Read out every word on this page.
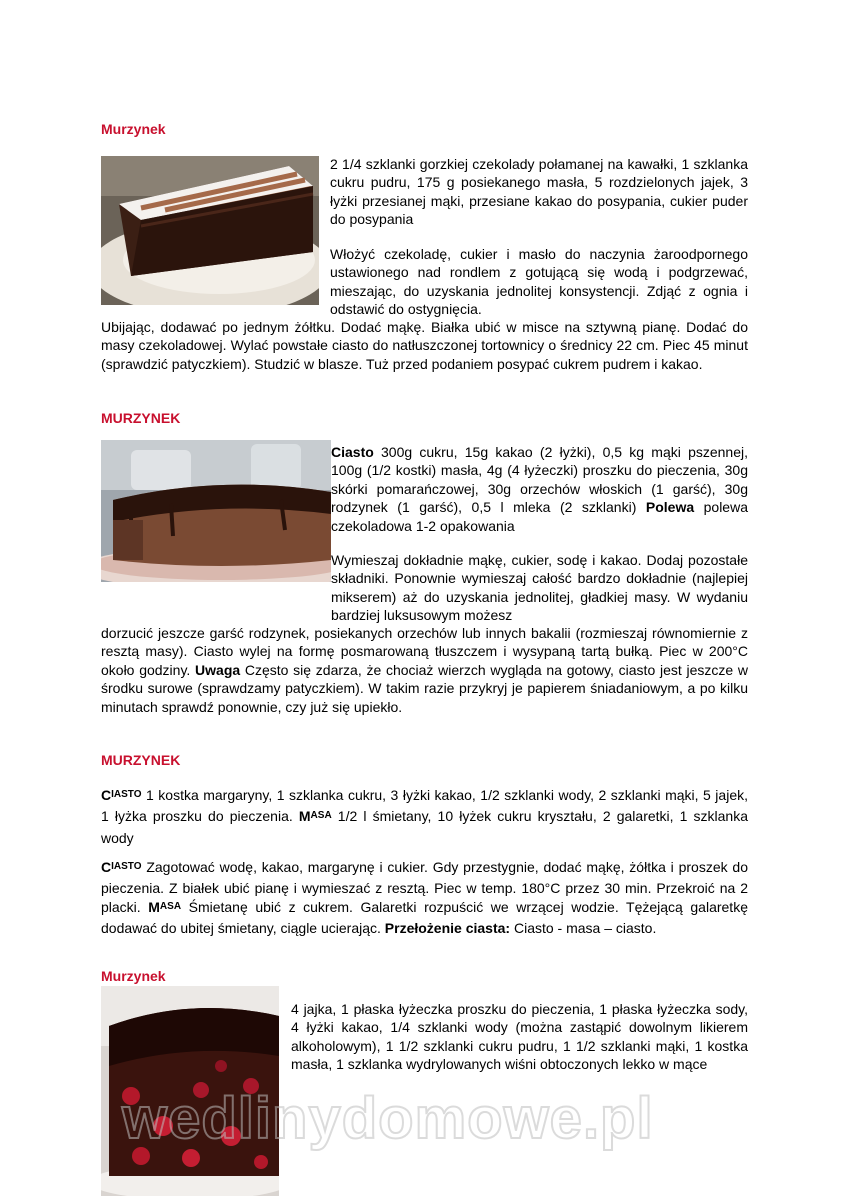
Murzynek

2 1/4 szklanki gorzkiej czekolady połamanej na kawałki, 1 szklanka cukru pudru, 175 g posiekanego masła, 5 rozdzielonych jajek, 3 łyżki przesianej mąki, przesiane kakao do posypania, cukier puder do posypania

Włożyć czekoladę, cukier i masło do naczynia żaroodpornego ustawionego nad rondlem z gotującą się wodą i podgrzewać, mieszając, do uzyskania jednolitej konsystencji. Zdjąć z ognia i odstawić do ostygnięcia.

Ubijając, dodawać po jednym żółtku. Dodać mąkę. Białka ubić w misce na sztywną pianę. Dodać do masy czekoladowej. Wylać powstałe ciasto do natłuszczonej tortownicy o średnicy 22 cm. Piec 45 minut (sprawdzić patyczkiem). Studzić w blasze. Tuż przed podaniem posypać cukrem pudrem i kakao.

MURZYNEK

Ciasto 300g cukru, 15g kakao (2 łyżki), 0,5 kg mąki pszennej, 100g (1/2 kostki) masła, 4g (4 łyżeczki) proszku do pieczenia, 30g skórki pomarańczowej, 30g orzechów włoskich (1 garść), 30g rodzynek (1 garść), 0,5 l mleka (2 szklanki) Polewa polewa czekoladowa 1-2 opakowania

Wymieszaj dokładnie mąkę, cukier, sodę i kakao. Dodaj pozostałe składniki. Ponownie wymieszaj całość bardzo dokładnie (najlepiej mikserem) aż do uzyskania jednolitej, gładkiej masy. W wydaniu bardziej luksusowym możesz

dorzucić jeszcze garść rodzynek, posiekanych orzechów lub innych bakalii (rozmieszaj równomiernie z resztą masy). Ciasto wylej na formę posmarowaną tłuszczem i wysypaną tartą bułką. Piec w 200°C około godziny. Uwaga Często się zdarza, że chociaż wierzch wygląda na gotowy, ciasto jest jeszcze w środku surowe (sprawdzamy patyczkiem). W takim razie przykryj je papierem śniadaniowym, a po kilku minutach sprawdź ponownie, czy już się upiekło.

MURZYNEK

$C^{IASTO}$ 1 kostka margaryny, 1 szklanka cukru, 3 łyżki kakao, 1/2 szklanki wody, 2 szklanki mąki, 5 jajek, 1 łyżka proszku do pieczenia. $M^{ASA}$ 1/2 l śmietany, 10 łyżek cukru kryształu, 2 galaretki, 1 szklanka wody

$C^{IASTO}$ Zagotować wodę, kakao, margarynę i cukier. Gdy przestygnie, dodać mąkę, żółtka i proszek do pieczenia. Z białek ubić pianę i wymieszać z resztą. Piec w temp. 180°C przez 30 min. Przekroić na 2 placki. $M^{ASA}$ Śmietanę ubić z cukrem. Galaretki rozpuścić we wrzącej wodzie. Tężejącą galaretkę dodawać do ubitej śmietany, ciągle ucierając. Przełożenie ciasta: Ciasto - masa – ciasto.

Murzynek

4 jajka, 1 płaska łyżeczka proszku do pieczenia, 1 płaska łyżeczka sody, 4 łyżki kakao, 1/4 szklanki wody (można zastąpić dowolnym likierem alkoholowym), 1 1/2 szklanki cukru pudru, 1 1/2 szklanki mąki, 1 kostka masła, 1 szklanka wydrylowanych wiśni obtoczonych lekko w mące

wedlinydomowe.pl
